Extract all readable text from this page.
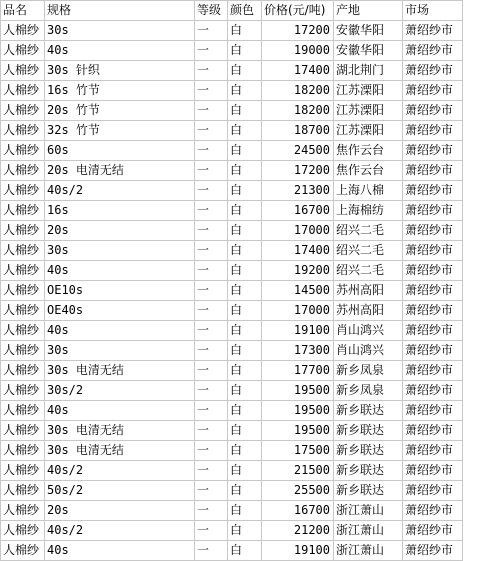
品名	规格	等级	颜色	价格(元/吨)	产地	市场
人棉纱	30s	一	白	17200	安徽华阳	萧绍纱市
人棉纱	40s	一	白	19000	安徽华阳	萧绍纱市
人棉纱	30s 针织	一	白	17400	湖北荆门	萧绍纱市
人棉纱	16s 竹节	一	白	18200	江苏溧阳	萧绍纱市
人棉纱	20s 竹节	一	白	18200	江苏溧阳	萧绍纱市
人棉纱	32s 竹节	一	白	18700	江苏溧阳	萧绍纱市
人棉纱	60s	一	白	24500	焦作云台	萧绍纱市
人棉纱	20s 电清无结	一	白	17200	焦作云台	萧绍纱市
人棉纱	40s/2	一	白	21300	上海八棉	萧绍纱市
人棉纱	16s	一	白	16700	上海棉纺	萧绍纱市
人棉纱	20s	一	白	17000	绍兴二毛	萧绍纱市
人棉纱	30s	一	白	17400	绍兴二毛	萧绍纱市
人棉纱	40s	一	白	19200	绍兴二毛	萧绍纱市
人棉纱	OE10s	一	白	14500	苏州高阳	萧绍纱市
人棉纱	OE40s	一	白	17000	苏州高阳	萧绍纱市
人棉纱	40s	一	白	19100	肖山鸿兴	萧绍纱市
人棉纱	30s	一	白	17300	肖山鸿兴	萧绍纱市
人棉纱	30s 电清无结	一	白	17700	新乡凤泉	萧绍纱市
人棉纱	30s/2	一	白	19500	新乡凤泉	萧绍纱市
人棉纱	40s	一	白	19500	新乡联达	萧绍纱市
人棉纱	30s 电清无结	一	白	19500	新乡联达	萧绍纱市
人棉纱	30s 电清无结	一	白	17500	新乡联达	萧绍纱市
人棉纱	40s/2	一	白	21500	新乡联达	萧绍纱市
人棉纱	50s/2	一	白	25500	新乡联达	萧绍纱市
人棉纱	20s	一	白	16700	浙江萧山	萧绍纱市
人棉纱	40s/2	一	白	21200	浙江萧山	萧绍纱市
人棉纱	40s	一	白	19100	浙江萧山	萧绍纱市
